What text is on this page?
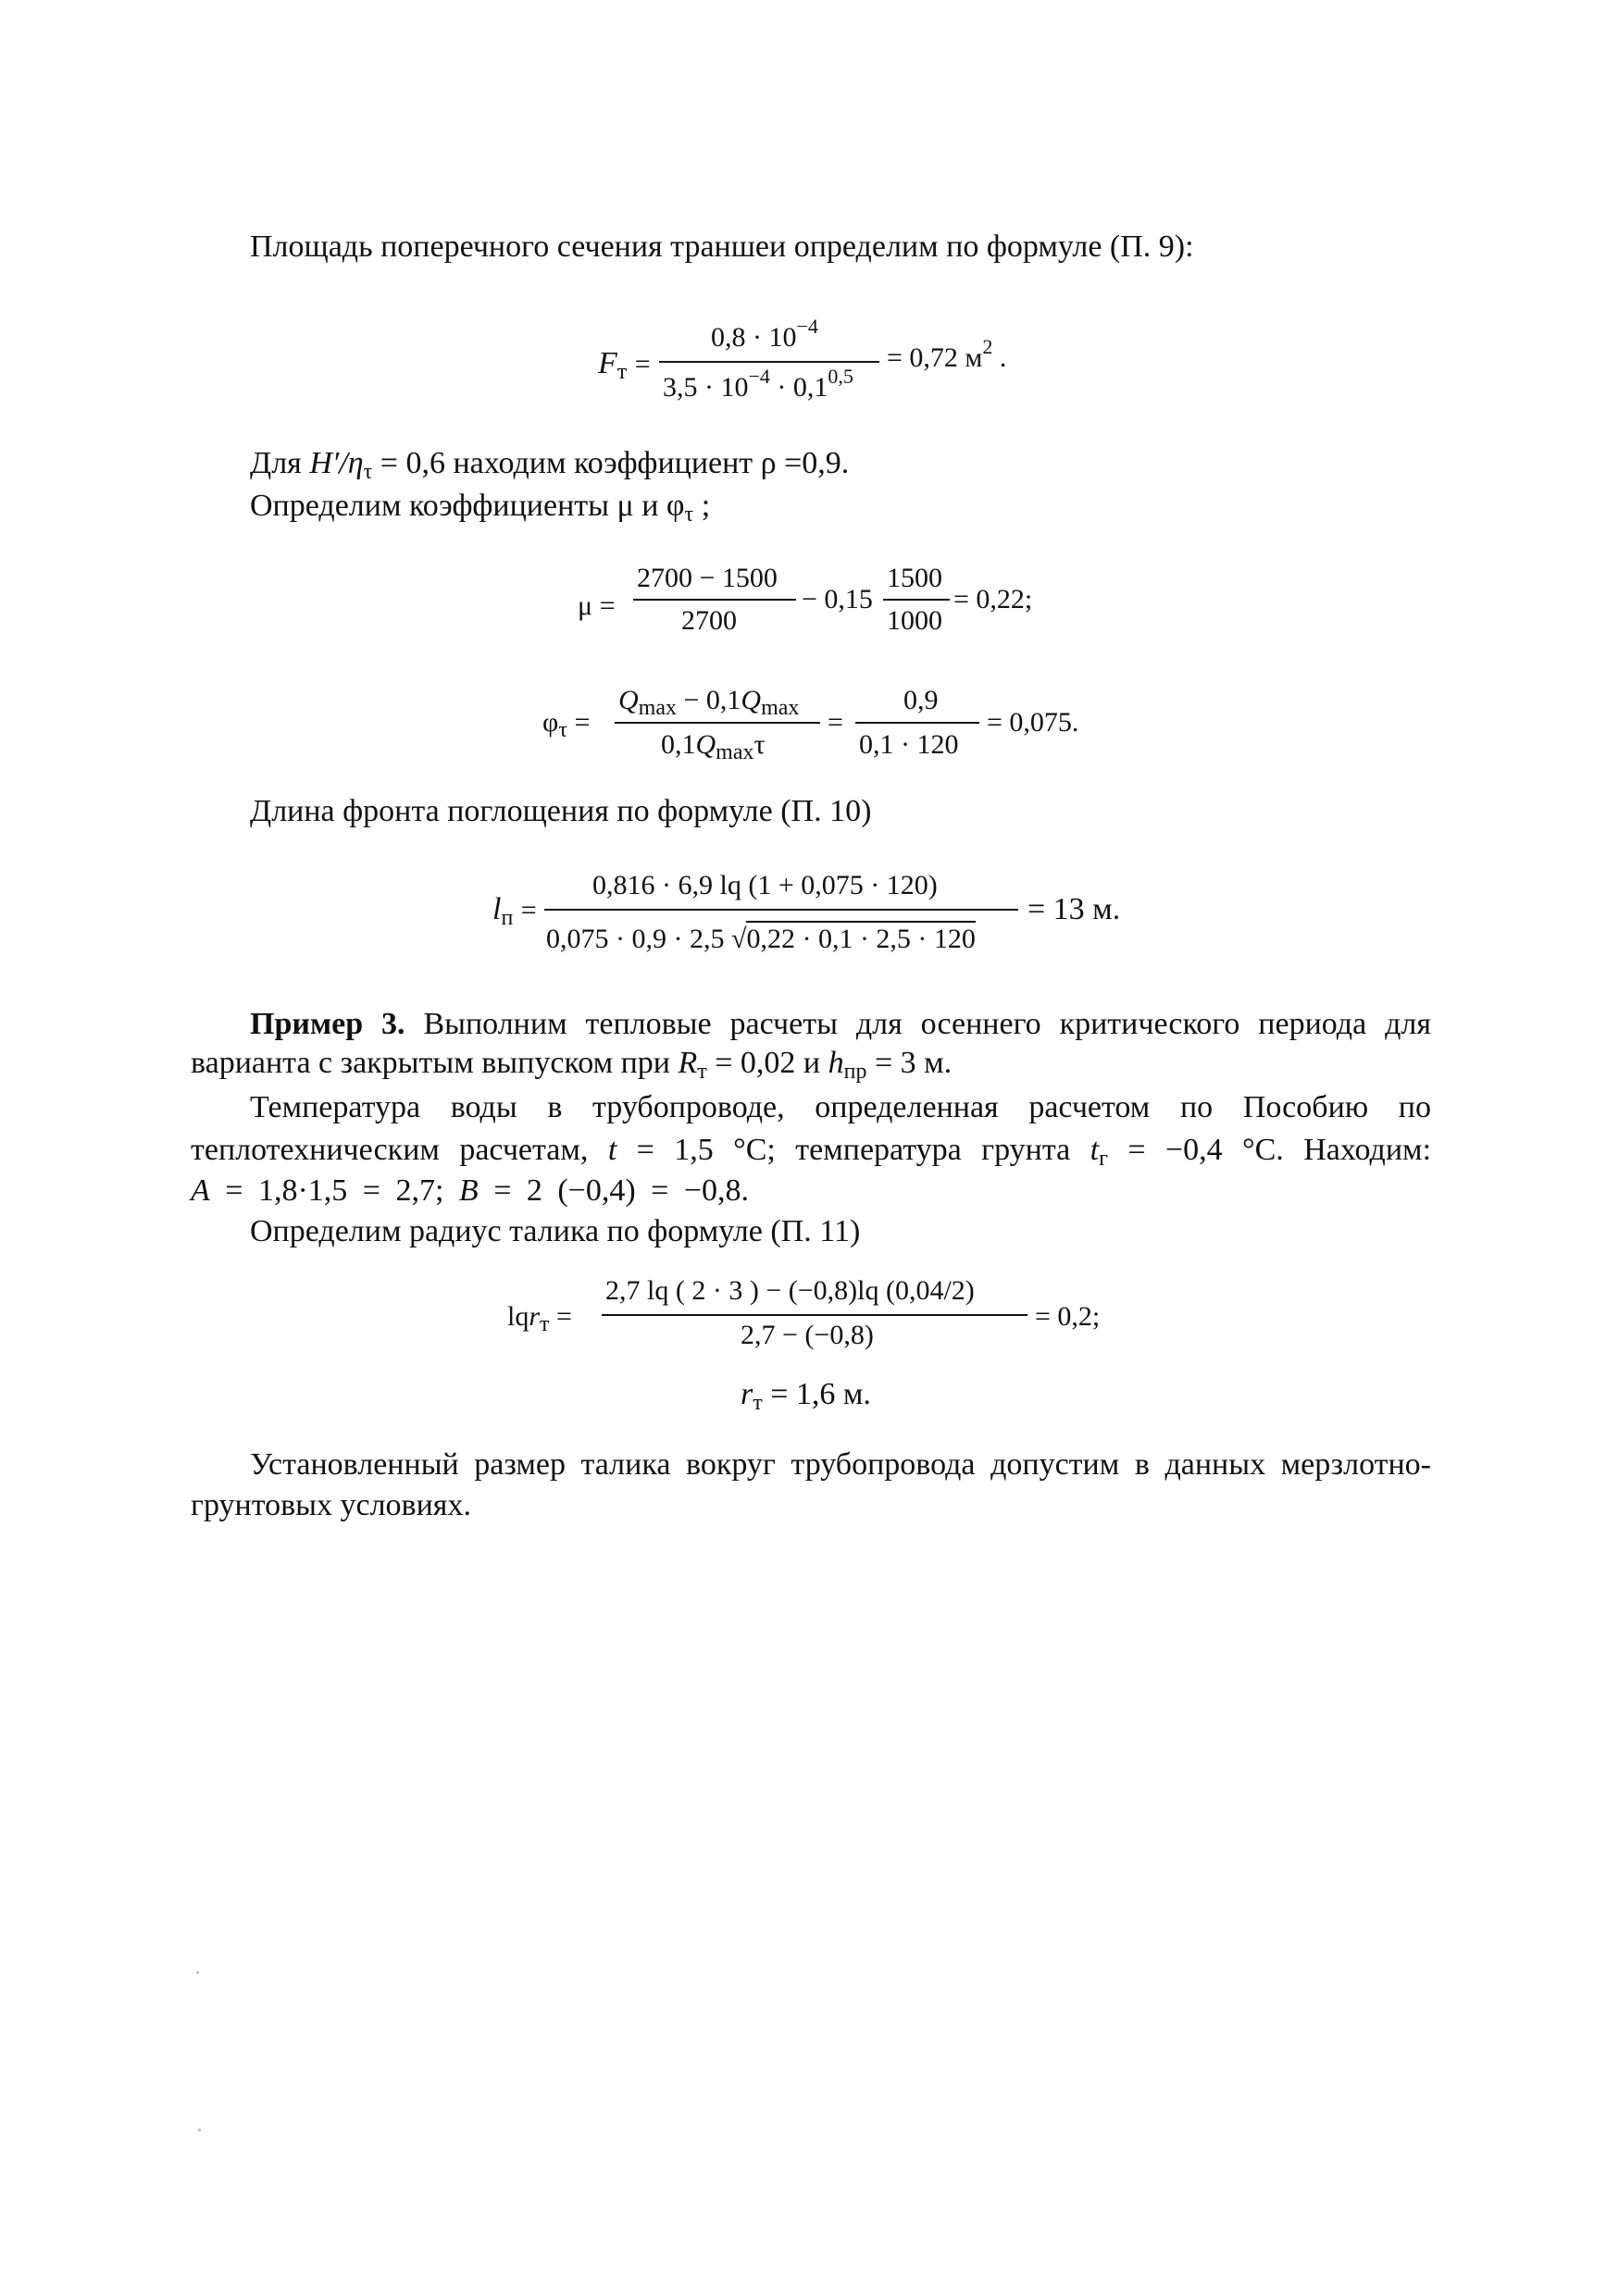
Площадь поперечного сечения траншеи определим по формуле (П. 9):
$F_т$ =
$0,8 \cdot 10^{-4}$
$3,5 \cdot 10^{-4} \cdot 0,1^{0,5}$
= 0,72 $м^2$ .
Для $H'/\eta_\tau = 0,6$ находим коэффициент ρ =0,9.
Определим коэффициенты μ и $\varphi_\tau$ ;
μ =
2700 − 1500
2700
− 0,15
1500
1000
= 0,22;
$\varphi_\tau$ =
$Q_{max} - 0,1Q_{max}$
$0,1Q_{max}\tau$
=
0,9
0,1 · 120
= 0,075.
Длина фронта поглощения по формуле (П. 10)
$l_п$ =
0,816 · 6,9 lq (1 + 0,075 · 120)
0,075 · 0,9 · 2,5 √0,22 · 0,1 · 2,5 · 120
= 13 м.
Пример 3. Выполним тепловые расчеты для осеннего критического периода для
варианта с закрытым выпуском при $R_т = 0,02$ и $h_{пр} = 3$ м.
Температура воды в трубопроводе, определенная расчетом по Пособию по
теплотехническим расчетам, t = 1,5 °С; температура грунта $t_г = -0,4$ °С. Находим:
A = 1,8·1,5 = 2,7; B = 2 (−0,4) = −0,8.
Определим радиус талика по формуле (П. 11)
lqr$_т$ =
2,7 lq ( 2 · 3 ) − (−0,8)lq (0,04/2)
2,7 − (−0,8)
= 0,2;
$r_т = 1,6$ м.
Установленный размер талика вокруг трубопровода допустим в данных мерзлотно-
грунтовых условиях.
